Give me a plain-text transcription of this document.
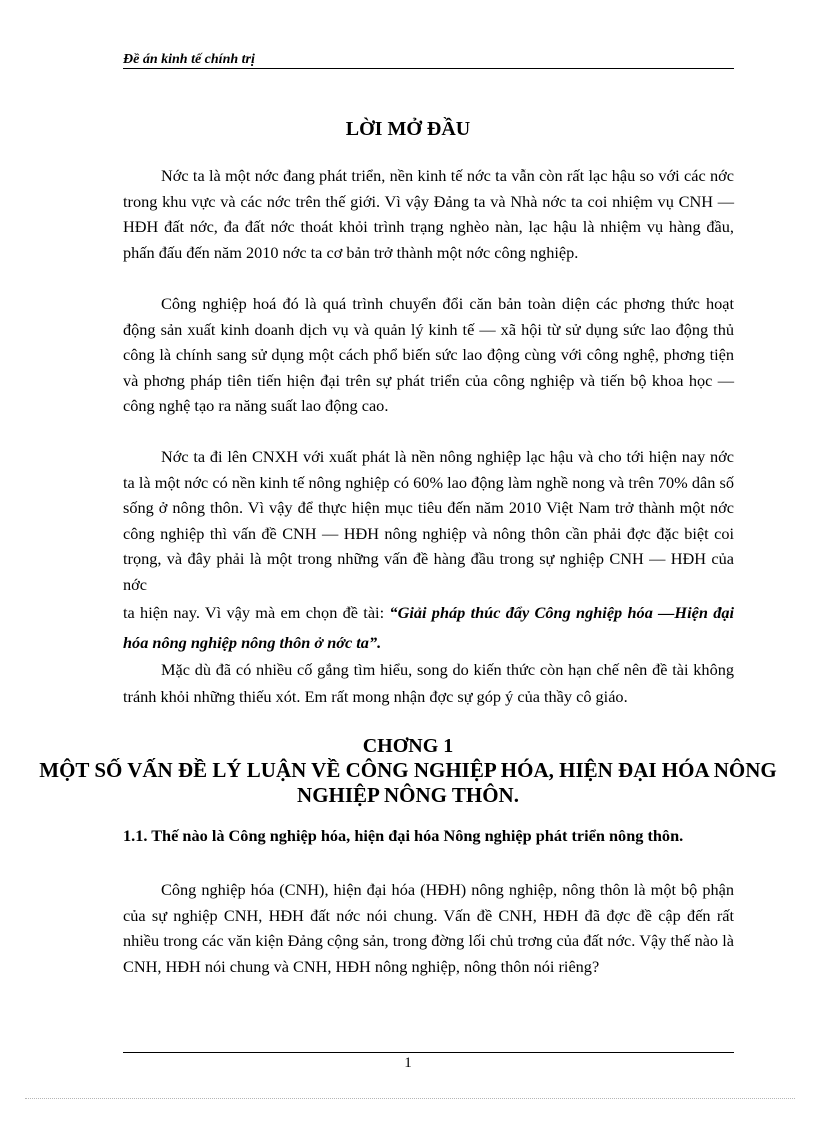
Đề án kinh tế chính trị
LỜI MỞ ĐẦU
Nớc ta là một nớc đang phát triển, nền kinh tế nớc ta vẫn còn rất lạc hậu so với các nớc trong khu vực và các nớc trên thế giới. Vì vậy Đảng ta và Nhà nớc ta coi nhiệm vụ CNH — HĐH đất nớc, đa đất nớc thoát khỏi trình trạng nghèo nàn, lạc hậu là nhiệm vụ hàng đầu, phấn đấu đến năm 2010 nớc ta cơ bản trở thành một nớc công nghiệp.
Công nghiệp hoá đó là quá trình chuyển đổi căn bản toàn diện các phơng thức hoạt động sản xuất kinh doanh dịch vụ và quản lý kinh tế — xã hội từ sử dụng sức lao động thủ công là chính sang sử dụng một cách phổ biến sức lao động cùng với công nghệ, phơng tiện và phơng pháp tiên tiến hiện đại trên sự phát triển của công nghiệp và tiến bộ khoa học — công nghệ tạo ra năng suất lao động cao.
Nớc ta đi lên CNXH với xuất phát là nền nông nghiệp lạc hậu và cho tới hiện nay nớc ta là một nớc có nền kinh tế nông nghiệp có 60% lao động làm nghề nong và trên 70% dân số sống ở nông thôn. Vì vậy để thực hiện mục tiêu đến năm 2010 Việt Nam trở thành một nớc công nghiệp thì vấn đề CNH — HĐH nông nghiệp và nông thôn cần phải đợc đặc biệt coi trọng, và đây phải là một trong những vấn đề hàng đầu trong sự nghiệp CNH — HĐH của nớc
ta hiện nay. Vì vậy mà em chọn đề tài: “Giải pháp thúc đẩy Công nghiệp hóa —Hiện đại hóa nông nghiệp nông thôn ở nớc ta”.
Mặc dù đã có nhiều cố gắng tìm hiểu, song do kiến thức còn hạn chế nên đề tài không tránh khỏi những thiếu xót. Em rất mong nhận đợc sự góp ý của thầy cô giáo.
CHƠNG 1
MỘT SỐ VẤN ĐỀ LÝ LUẬN VỀ CÔNG NGHIỆP HÓA, HIỆN ĐẠI HÓA NÔNG NGHIỆP NÔNG THÔN.
1.1. Thế nào là Công nghiệp hóa, hiện đại hóa Nông nghiệp phát triển nông thôn.
Công nghiệp hóa (CNH), hiện đại hóa (HĐH) nông nghiệp, nông thôn là một bộ phận của sự nghiệp CNH, HĐH đất nớc nói chung. Vấn đề CNH, HĐH đã đợc đề cập đến rất nhiều trong các văn kiện Đảng cộng sản, trong đờng lối chủ trơng của đất nớc. Vậy thế nào là CNH, HĐH nói chung và CNH, HĐH nông nghiệp, nông thôn nói riêng?
1
